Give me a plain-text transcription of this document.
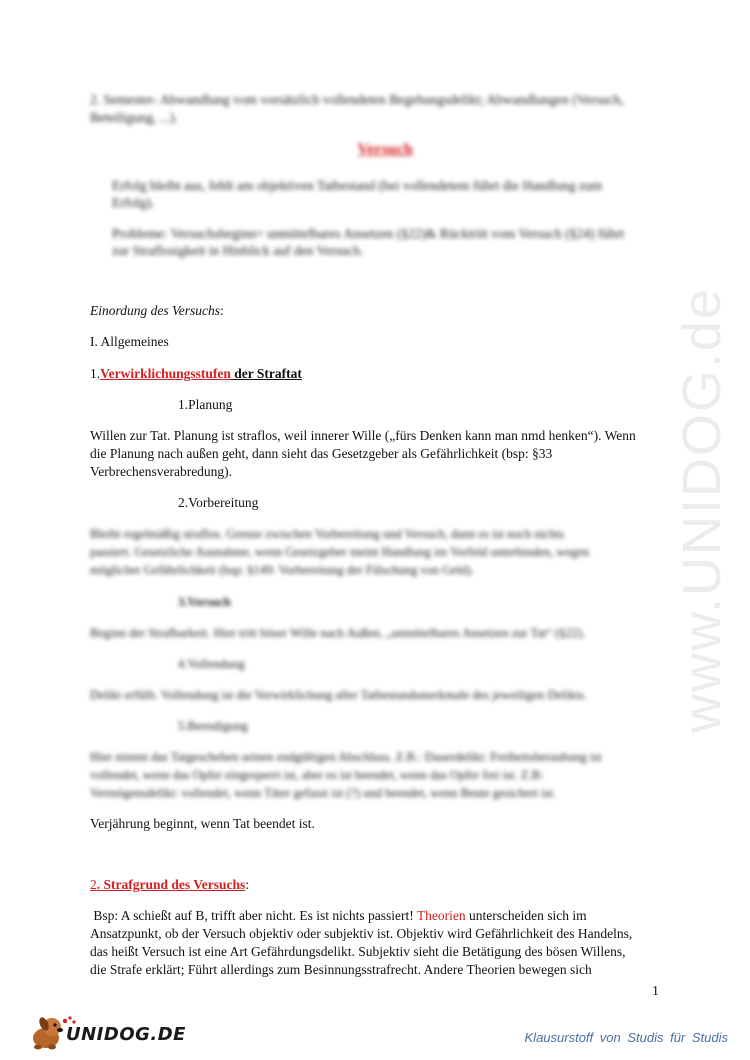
www.UNIDOG.de

2. Semester- Abwandlung vom vorsätzlich vollendeten Begehungsdelikt; Abwandlungen (Versuch,

Beteiligung, ...).

Versuch

Erfolg bleibt aus, fehlt am objektiven Tatbestand (bei vollendetem führt die Handlung zum

Erfolg).

Probleme: Versuchsbeginn= unmittelbares Ansetzen (§22)& Rücktritt vom Versuch (§24) führt

zur Straflosigkeit in Hinblick auf den Versuch.

Einordung des Versuchs:

I. Allgemeines

1.Verwirklichungsstufen der Straftat

1.Planung

Willen zur Tat. Planung ist straflos, weil innerer Wille („fürs Denken kann man nmd henken“). Wenn

die Planung nach außen geht, dann sieht das Gesetzgeber als Gefährlichkeit (bsp: §33

Verbrechensverabredung).

2.Vorbereitung

Bleibt regelmäßig straflos. Grenze zwischen Vorbereitung und Versuch, dann es ist noch nichts

passiert. Gesetzliche Ausnahme, wenn Gesetzgeber meint Handlung im Vorfeld unterbinden, wegen

möglicher Gefährlichkeit (bsp: §149: Vorbereitung der Fälschung von Geld).

3.Versuch

Beginn der Strafbarkeit. Hier tritt böser Wille nach Außen, „unmittelbares Ansetzen zur Tat“ (§22).

4.Vollendung

Delikt erfüllt. Vollendung ist die Verwirklichung aller Tatbestandsmerkmale des jeweiligen Delikts.

5.Beendigung

Hier nimmt das Tatgeschehen seinen endgültigen Abschluss. Z.B.: Dauerdelikt: Freiheitsberaubung ist

vollendet, wenn das Opfer eingesperrt ist, aber es ist beendet, wenn das Opfer frei ist. Z.B:

Vermögensdelikt: vollendet, wenn Täter gefasst ist (?) und beendet, wenn Beute gesichert ist.

Verjährung beginnt, wenn Tat beendet ist.

2. Strafgrund des Versuchs:

Bsp: A schießt auf B, trifft aber nicht. Es ist nichts passiert! Theorien unterscheiden sich im

Ansatzpunkt, ob der Versuch objektiv oder subjektiv ist. Objektiv wird Gefährlichkeit des Handelns,

das heißt Versuch ist eine Art Gefährdungsdelikt. Subjektiv sieht die Betätigung des bösen Willens,

die Strafe erklärt; Führt allerdings zum Besinnungsstrafrecht. Andere Theorien bewegen sich

1
UNIDOG.DE	Klausurstoff von Studis für Studis
